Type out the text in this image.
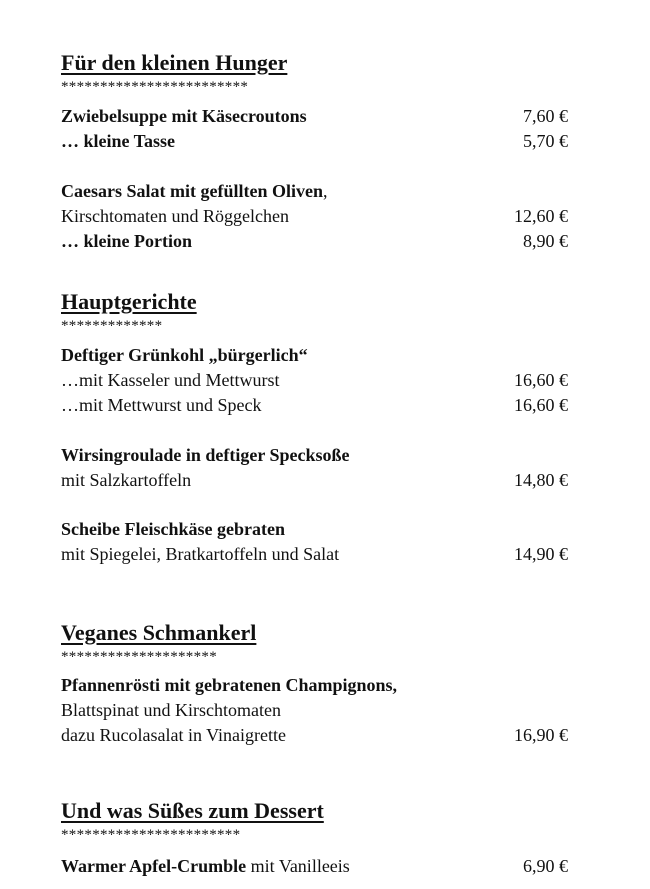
Für den kleinen Hunger
************************
Zwiebelsuppe mit Käsecroutons	7,60 €
… kleine Tasse	5,70 €
Caesars Salat mit gefüllten Oliven,
Kirschtomaten und Röggelchen	12,60 €
… kleine Portion	8,90 €
Hauptgerichte
*************
Deftiger Grünkohl „bürgerlich“
…mit Kasseler und Mettwurst	16,60 €
…mit Mettwurst und Speck	16,60 €
Wirsingroulade in deftiger Specksoße
mit Salzkartoffeln	14,80 €
Scheibe Fleischkäse gebraten
mit Spiegelei, Bratkartoffeln und Salat	14,90 €
Veganes Schmankerl
********************
Pfannenrösti mit gebratenen Champignons,
Blattspinat und Kirschtomaten
dazu Rucolasalat in Vinaigrette	16,90 €
Und was Süßes zum Dessert
***********************
Warmer Apfel-Crumble mit Vanilleeis	6,90 €
